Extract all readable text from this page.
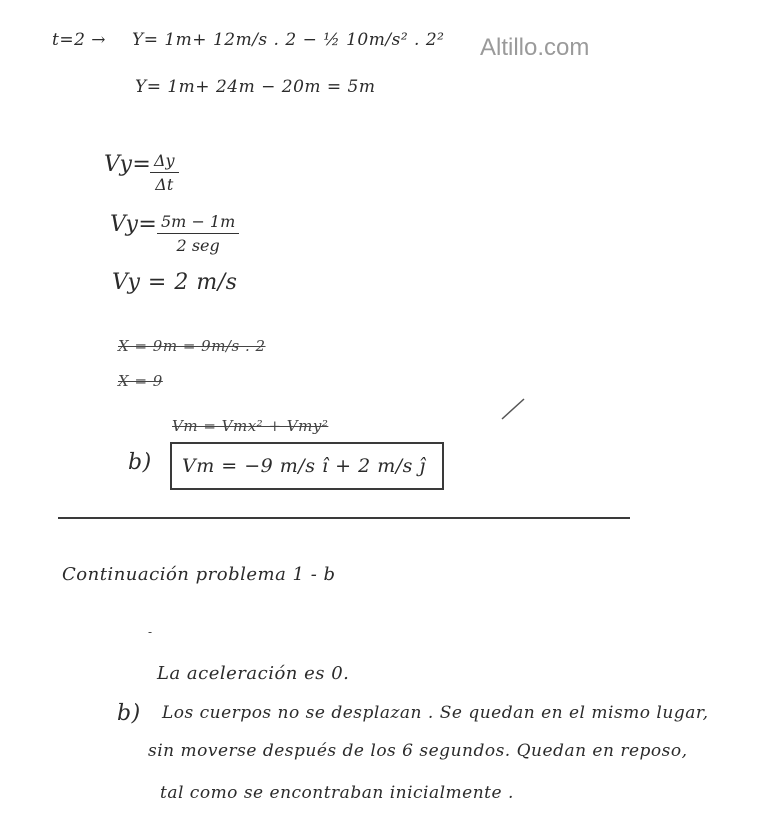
Altillo.com
t=2 → Y= 1m+ 12m/s . 2 − ½ 10m/s² . 2²
Y= 1m+ 24m − 20m = 5m
Vy=
$\frac{\Delta y}{\Delta t}$
Vy= 5m − 1m
2 seg
Vy = 2 m/s
X = 9m = 9m/s . 2
X = 9
Vm = Vmx² + Vmy²
b) Vm = −9 m/s î + 2 m/s ĵ
Continuación problema 1 - b
-
La aceleración es 0.
b) Los cuerpos no se desplazan . Se quedan en el mismo lugar,
sin moverse después de los 6 segundos. Quedan en reposo,
tal como se encontraban inicialmente .
